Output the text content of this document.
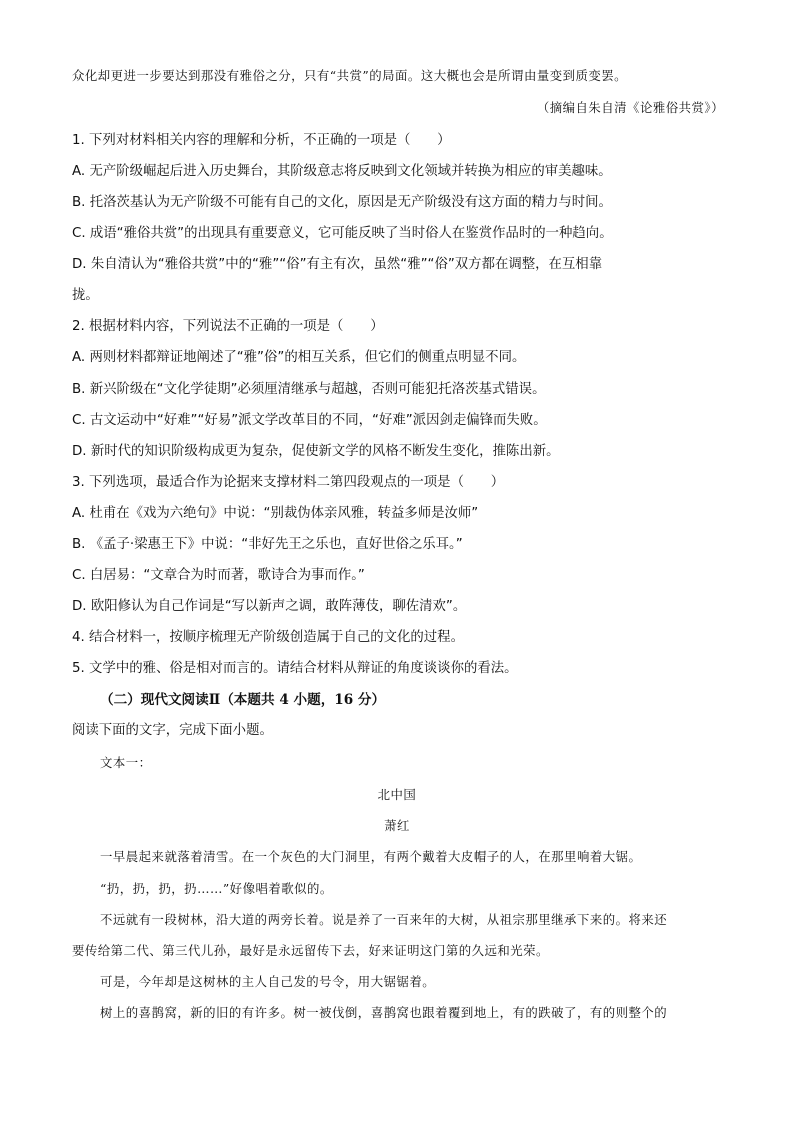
众化却更进一步要达到那没有雅俗之分，只有“共赏”的局面。这大概也会是所谓由量变到质变罢。
（摘编自朱自清《论雅俗共赏》）
1. 下列对材料相关内容的理解和分析，不正确的一项是（　　）
A. 无产阶级崛起后进入历史舞台，其阶级意志将反映到文化领域并转换为相应的审美趣味。
B. 托洛茨基认为无产阶级不可能有自己的文化，原因是无产阶级没有这方面的精力与时间。
C. 成语“雅俗共赏”的出现具有重要意义，它可能反映了当时俗人在鉴赏作品时的一种趋向。
D. 朱自清认为“雅俗共赏”中的“雅”“俗”有主有次，虽然“雅”“俗”双方都在调整，在互相靠
拢。
2. 根据材料内容，下列说法不正确的一项是（　　）
A. 两则材料都辩证地阐述了“雅”俗”的相互关系，但它们的侧重点明显不同。
B. 新兴阶级在“文化学徒期”必须厘清继承与超越，否则可能犯托洛茨基式错误。
C. 古文运动中“好难”“好易”派文学改革目的不同，“好难”派因剑走偏锋而失败。
D. 新时代的知识阶级构成更为复杂，促使新文学的风格不断发生变化，推陈出新。
3. 下列选项，最适合作为论据来支撑材料二第四段观点的一项是（　　）
A. 杜甫在《戏为六绝句》中说：“别裁伪体亲风雅，转益多师是汝师”
B. 《孟子·梁惠王下》中说：“非好先王之乐也，直好世俗之乐耳。”
C. 白居易：“文章合为时而著，歌诗合为事而作。”
D. 欧阳修认为自己作词是“写以新声之调，敢阵薄伎，聊佐清欢”。
4. 结合材料一，按顺序梳理无产阶级创造属于自己的文化的过程。
5. 文学中的雅、俗是相对而言的。请结合材料从辩证的角度谈谈你的看法。
（二）现代文阅读Ⅱ（本题共 4 小题，16 分）
阅读下面的文字，完成下面小题。
文本一：
北中国
萧红
一早晨起来就落着清雪。在一个灰色的大门洞里，有两个戴着大皮帽子的人，在那里响着大锯。
“扔，扔，扔，扔……”好像唱着歌似的。
不远就有一段树林，沿大道的两旁长着。说是养了一百来年的大树，从祖宗那里继承下来的。将来还
要传给第二代、第三代儿孙，最好是永远留传下去，好来证明这门第的久远和光荣。
可是，今年却是这树林的主人自己发的号令，用大锯锯着。
树上的喜鹊窝，新的旧的有许多。树一被伐倒，喜鹊窝也跟着覆到地上，有的跌破了，有的则整个的
